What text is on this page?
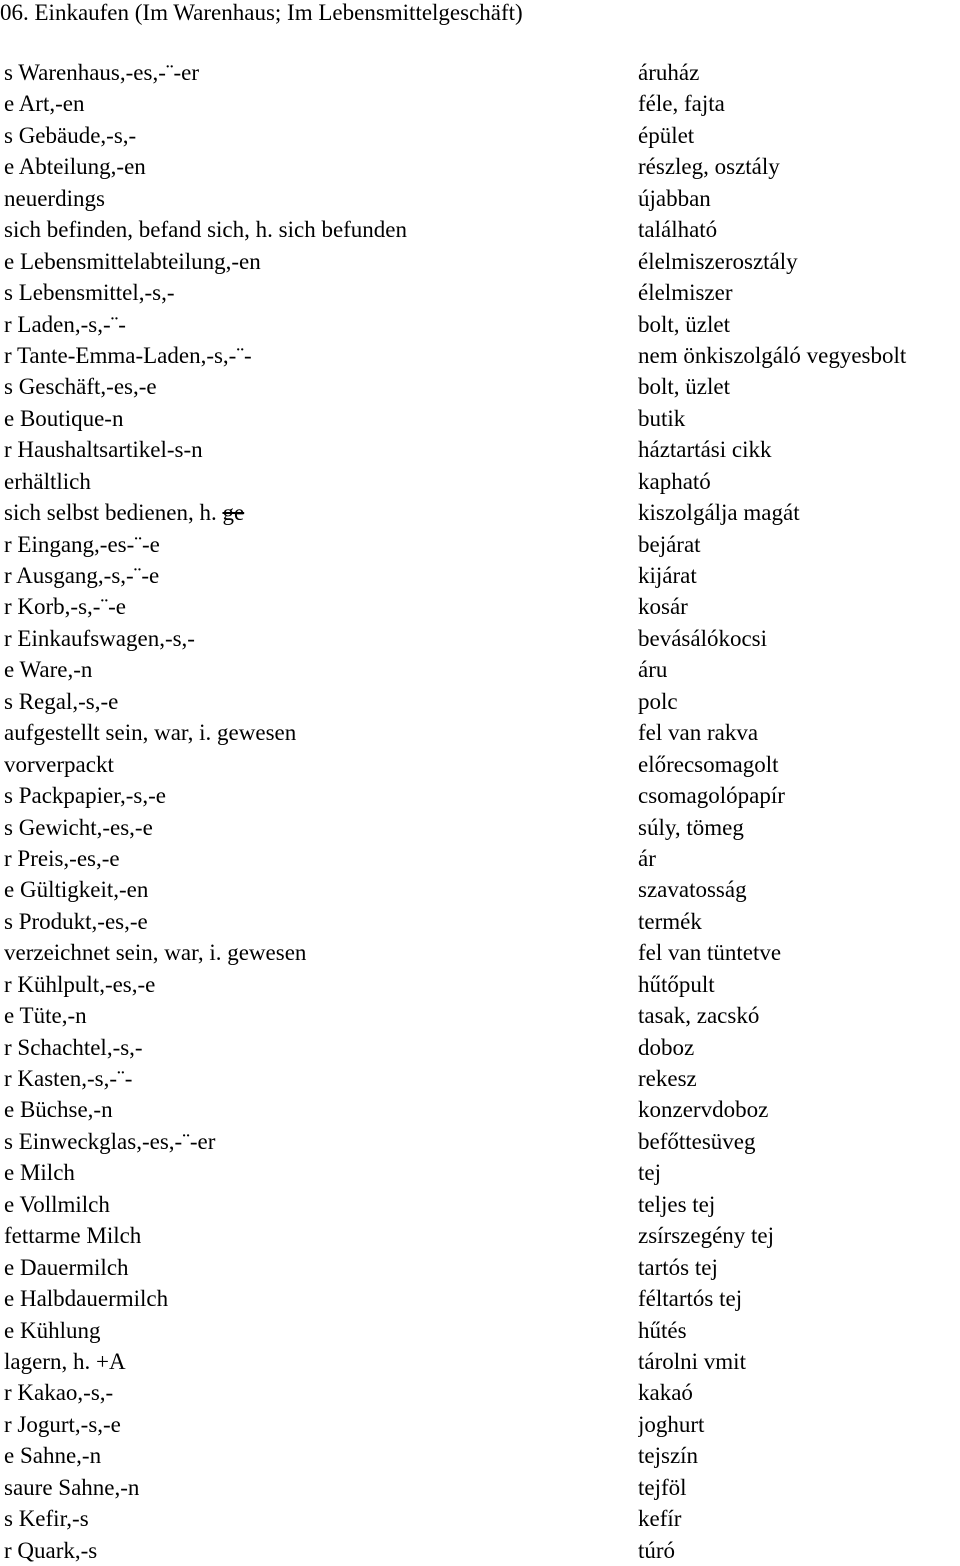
06. Einkaufen (Im Warenhaus; Im Lebensmittelgeschäft)
s Warenhaus,-es,-¨-er	áruház
e Art,-en	féle, fajta
s Gebäude,-s,-	épület
e Abteilung,-en	részleg, osztály
neuerdings	újabban
sich befinden, befand sich, h. sich befunden	található
e Lebensmittelabteilung,-en	élelmiszerosztály
s Lebensmittel,-s,-	élelmiszer
r Laden,-s,-¨-	bolt, üzlet
r Tante-Emma-Laden,-s,-¨-	nem önkiszolgáló vegyesbolt
s Geschäft,-es,-e	bolt, üzlet
e Boutique-n	butik
r Haushaltsartikel-s-n	háztartási cikk
erhältlich	kapható
sich selbst bedienen, h. ge	kiszolgálja magát
r Eingang,-es-¨-e	bejárat
r Ausgang,-s,-¨-e	kijárat
r Korb,-s,-¨-e	kosár
r Einkaufswagen,-s,-	bevásálókocsi
e Ware,-n	áru
s Regal,-s,-e	polc
aufgestellt sein, war, i. gewesen	fel van rakva
vorverpackt	előrecsomagolt
s Packpapier,-s,-e	csomagolópapír
s Gewicht,-es,-e	súly, tömeg
r Preis,-es,-e	ár
e Gültigkeit,-en	szavatosság
s Produkt,-es,-e	termék
verzeichnet sein, war, i. gewesen	fel van tüntetve
r Kühlpult,-es,-e	hűtőpult
e Tüte,-n	tasak, zacskó
r Schachtel,-s,-	doboz
r Kasten,-s,-¨-	rekesz
e Büchse,-n	konzervdoboz
s Einweckglas,-es,-¨-er	befőttesüveg
e Milch	tej
e Vollmilch	teljes tej
fettarme Milch	zsírszegény tej
e Dauermilch	tartós tej
e Halbdauermilch	féltartós tej
e Kühlung	hűtés
lagern, h. +A	tárolni vmit
r Kakao,-s,-	kakaó
r Jogurt,-s,-e	joghurt
e Sahne,-n	tejszín
saure Sahne,-n	tejföl
s Kefir,-s	kefír
r Quark,-s	túró
